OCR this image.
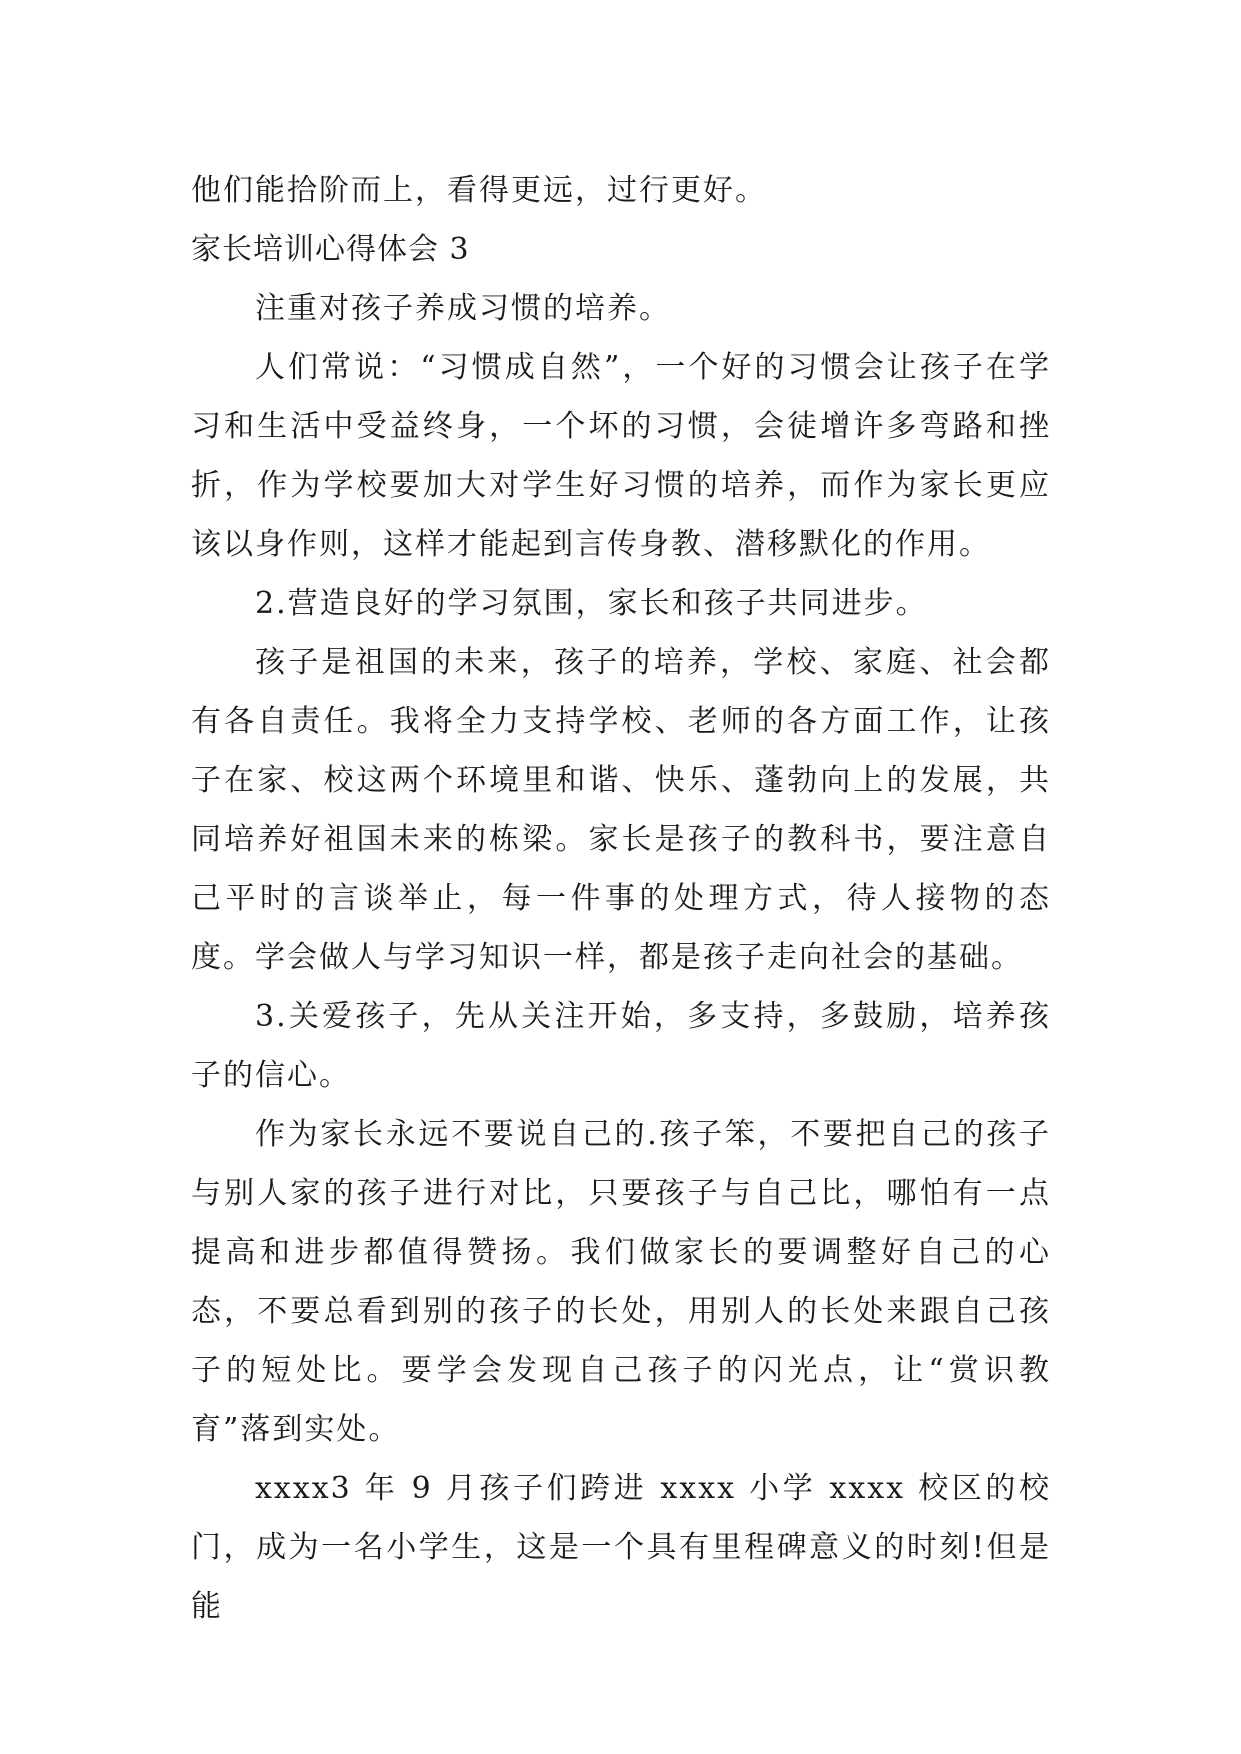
他们能拾阶而上，看得更远，过行更好。

家长培训心得体会 3

注重对孩子养成习惯的培养。

人们常说：“习惯成自然”，一个好的习惯会让孩子在学习和生活中受益终身，一个坏的习惯，会徒增许多弯路和挫折，作为学校要加大对学生好习惯的培养，而作为家长更应该以身作则，这样才能起到言传身教、潜移默化的作用。

2.营造良好的学习氛围，家长和孩子共同进步。

孩子是祖国的未来，孩子的培养，学校、家庭、社会都有各自责任。我将全力支持学校、老师的各方面工作，让孩子在家、校这两个环境里和谐、快乐、蓬勃向上的发展，共同培养好祖国未来的栋梁。家长是孩子的教科书，要注意自己平时的言谈举止，每一件事的处理方式，待人接物的态度。学会做人与学习知识一样，都是孩子走向社会的基础。

3.关爱孩子，先从关注开始，多支持，多鼓励，培养孩子的信心。

作为家长永远不要说自己的.孩子笨，不要把自己的孩子与别人家的孩子进行对比，只要孩子与自己比，哪怕有一点提高和进步都值得赞扬。我们做家长的要调整好自己的心态，不要总看到别的孩子的长处，用别人的长处来跟自己孩子的短处比。要学会发现自己孩子的闪光点，让“赏识教育”落到实处。

xxxx3 年 9 月孩子们跨进 xxxx 小学 xxxx 校区的校门，成为一名小学生，这是一个具有里程碑意义的时刻!但是能
